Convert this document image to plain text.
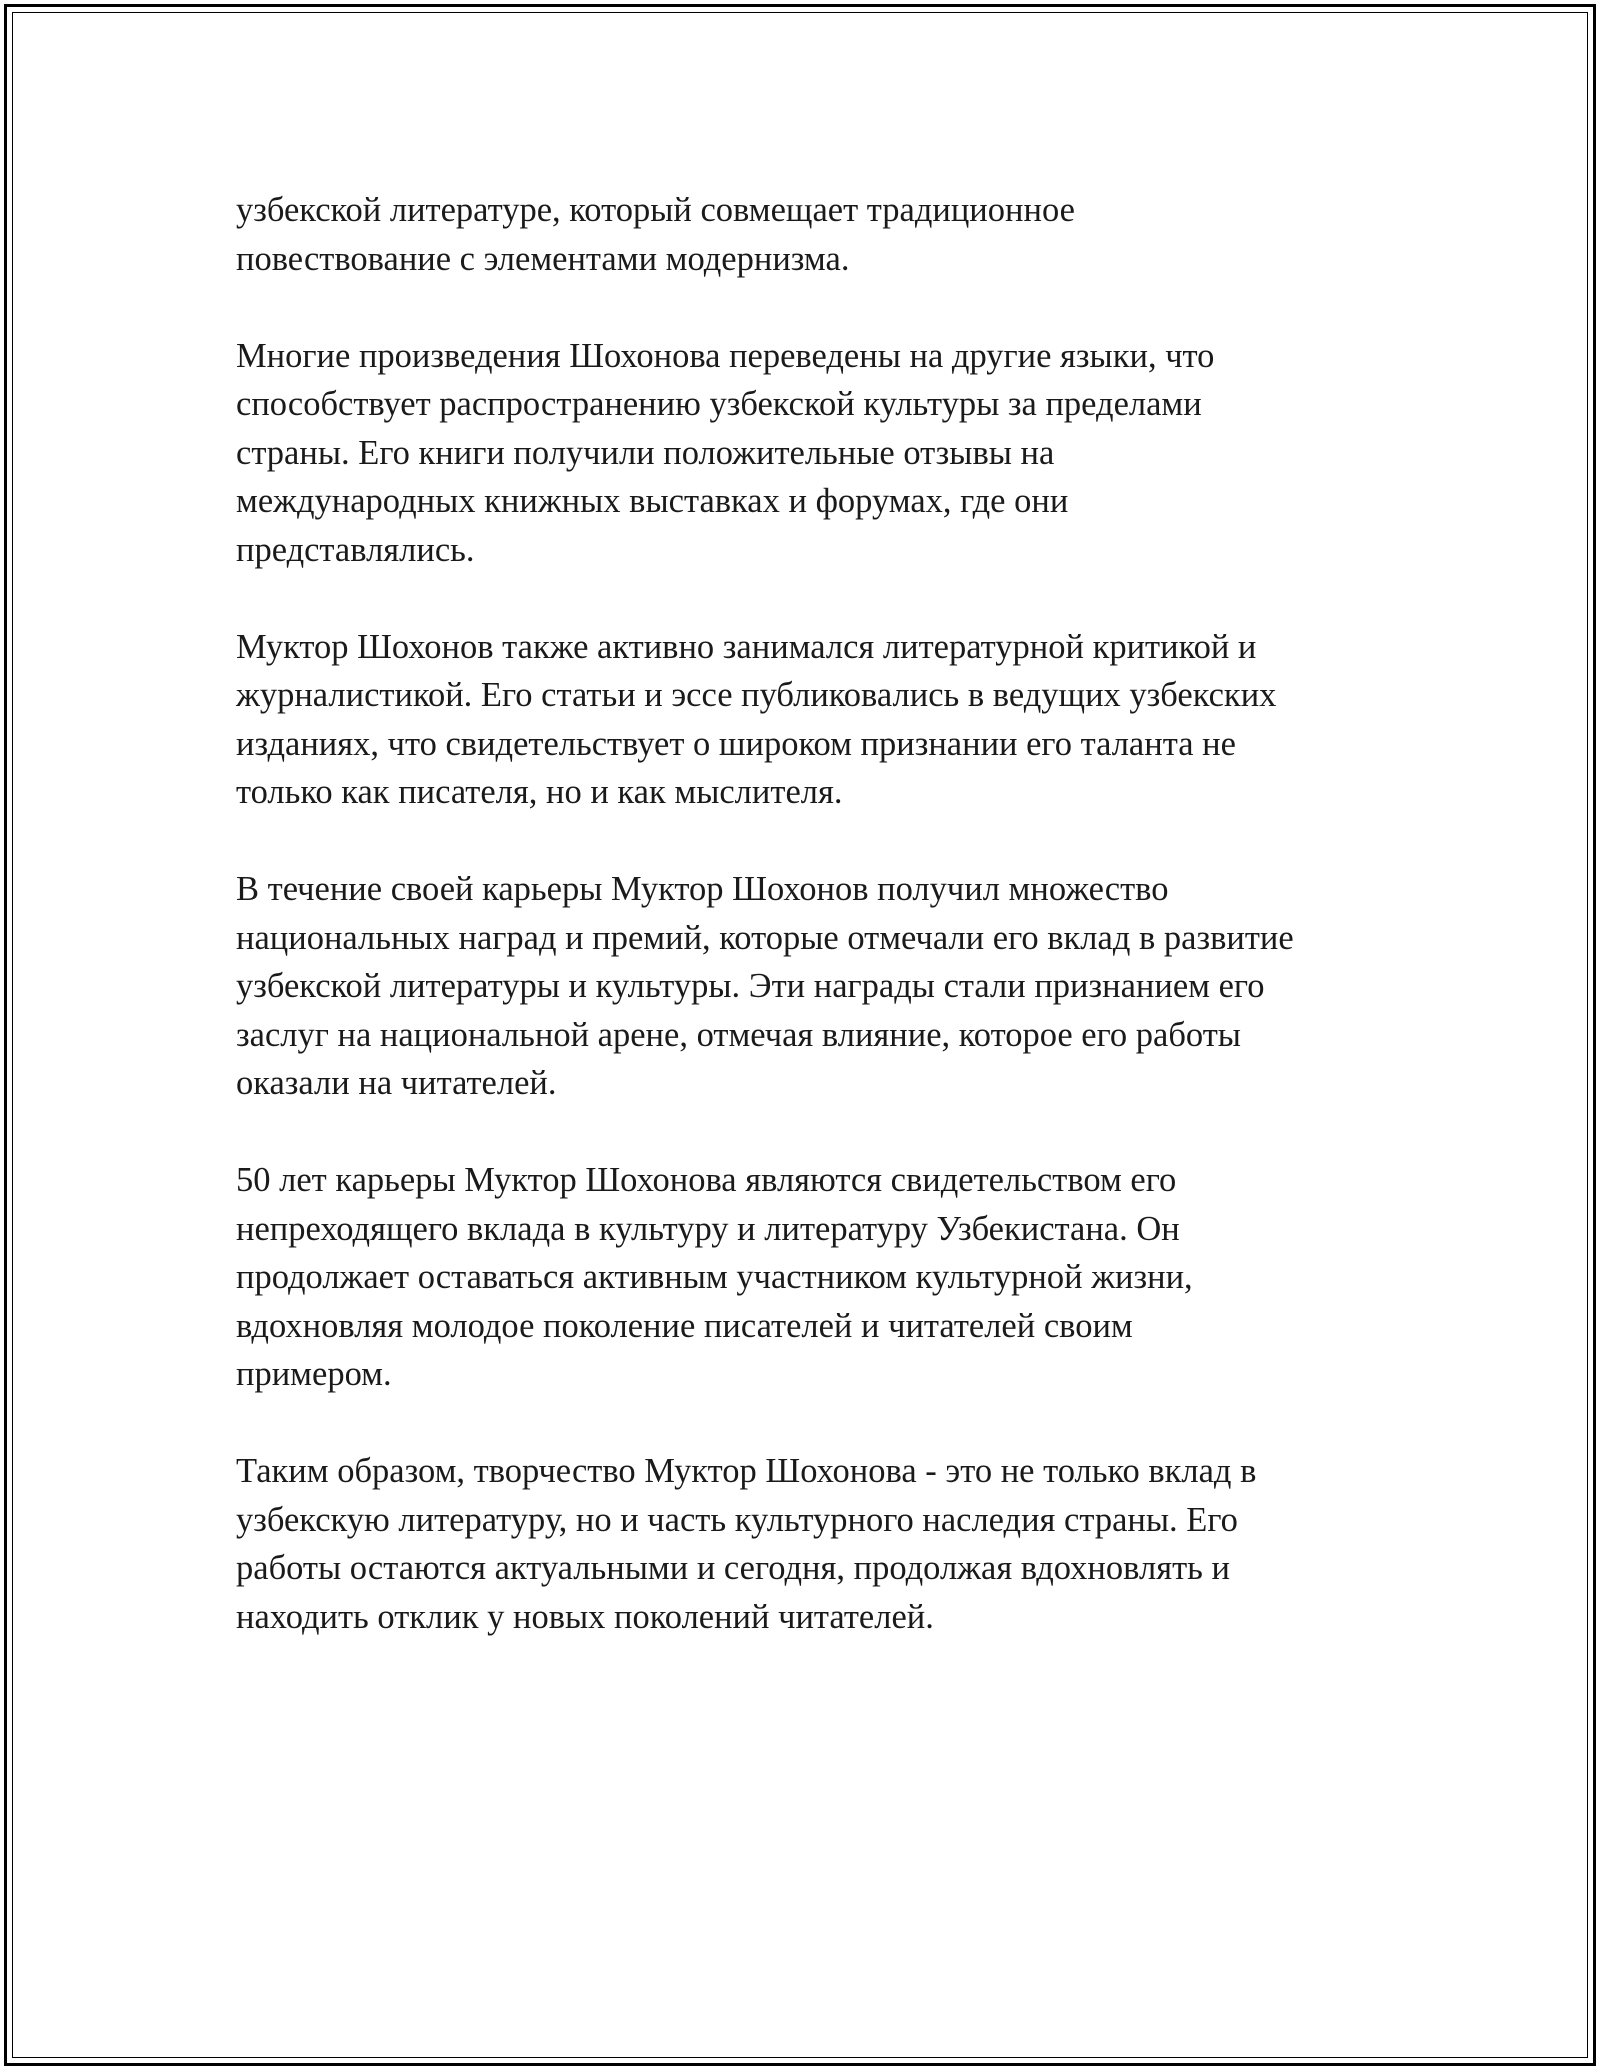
узбекской литературе, который совмещает традиционное
повествование с элементами модернизма.

Многие произведения Шохонова переведены на другие языки, что
способствует распространению узбекской культуры за пределами
страны. Его книги получили положительные отзывы на
международных книжных выставках и форумах, где они
представлялись.

Муктор Шохонов также активно занимался литературной критикой и
журналистикой. Его статьи и эссе публиковались в ведущих узбекских
изданиях, что свидетельствует о широком признании его таланта не
только как писателя, но и как мыслителя.

В течение своей карьеры Муктор Шохонов получил множество
национальных наград и премий, которые отмечали его вклад в развитие
узбекской литературы и культуры. Эти награды стали признанием его
заслуг на национальной арене, отмечая влияние, которое его работы
оказали на читателей.

50 лет карьеры Муктор Шохонова являются свидетельством его
непреходящего вклада в культуру и литературу Узбекистана. Он
продолжает оставаться активным участником культурной жизни,
вдохновляя молодое поколение писателей и читателей своим
примером.

Таким образом, творчество Муктор Шохонова - это не только вклад в
узбекскую литературу, но и часть культурного наследия страны. Его
работы остаются актуальными и сегодня, продолжая вдохновлять и
находить отклик у новых поколений читателей.
